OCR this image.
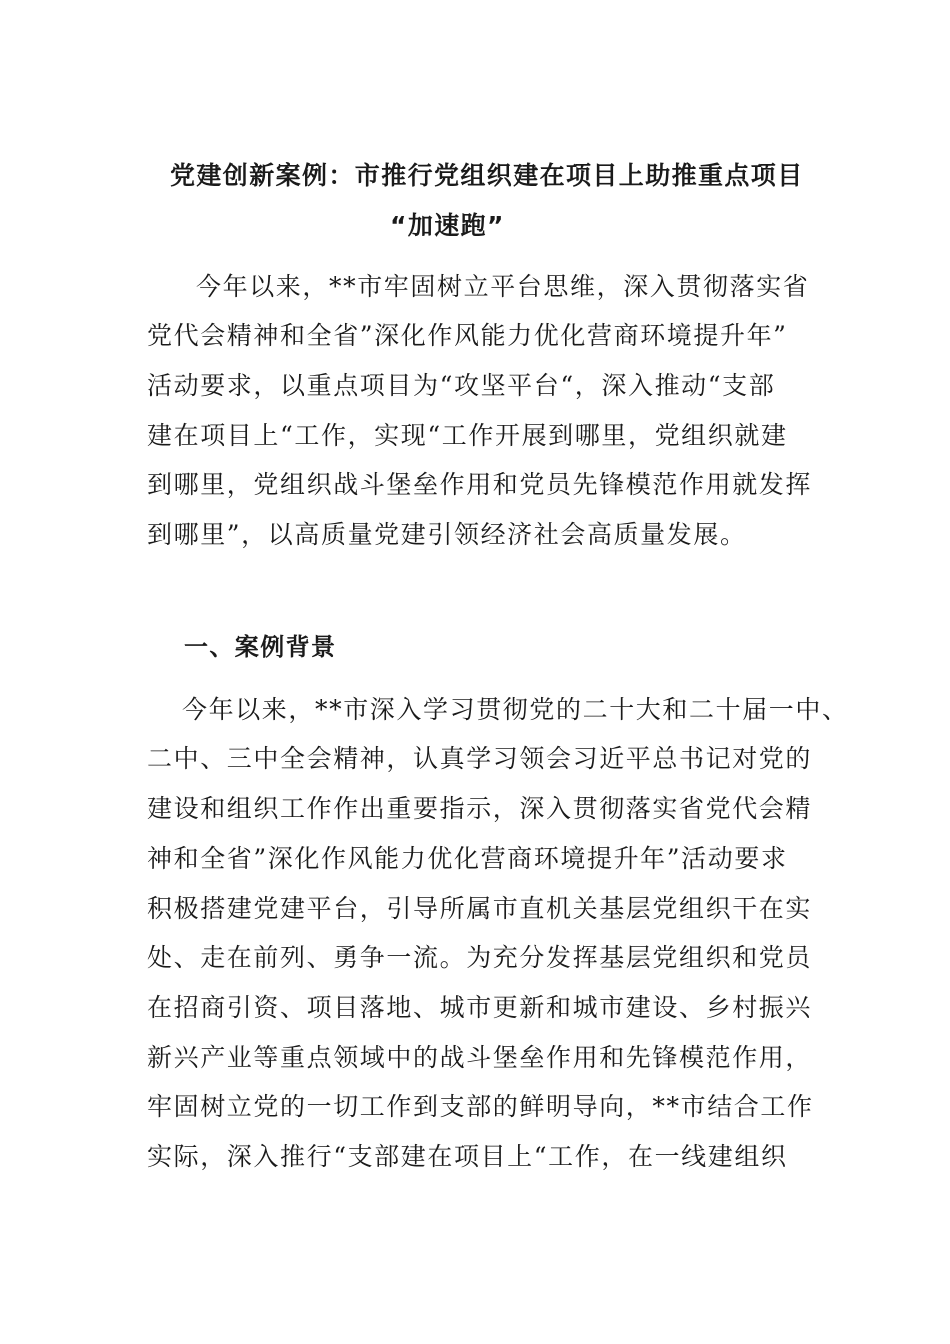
党建创新案例：市推行党组织建在项目上助推重点项目
“加速跑”
今年以来，**市牢固树立平台思维，深入贯彻落实省
党代会精神和全省”深化作风能力优化营商环境提升年”
活动要求，以重点项目为“攻坚平台“，深入推动“支部
建在项目上“工作，实现“工作开展到哪里，党组织就建
到哪里，党组织战斗堡垒作用和党员先锋模范作用就发挥
到哪里”，以高质量党建引领经济社会高质量发展。
一、案例背景
今年以来，**市深入学习贯彻党的二十大和二十届一中、
二中、三中全会精神，认真学习领会习近平总书记对党的
建设和组织工作作出重要指示，深入贯彻落实省党代会精
神和全省”深化作风能力优化营商环境提升年”活动要求
积极搭建党建平台，引导所属市直机关基层党组织干在实
处、走在前列、勇争一流。为充分发挥基层党组织和党员
在招商引资、项目落地、城市更新和城市建设、乡村振兴
新兴产业等重点领域中的战斗堡垒作用和先锋模范作用，
牢固树立党的一切工作到支部的鲜明导向，**市结合工作
实际，深入推行“支部建在项目上“工作，在一线建组织
